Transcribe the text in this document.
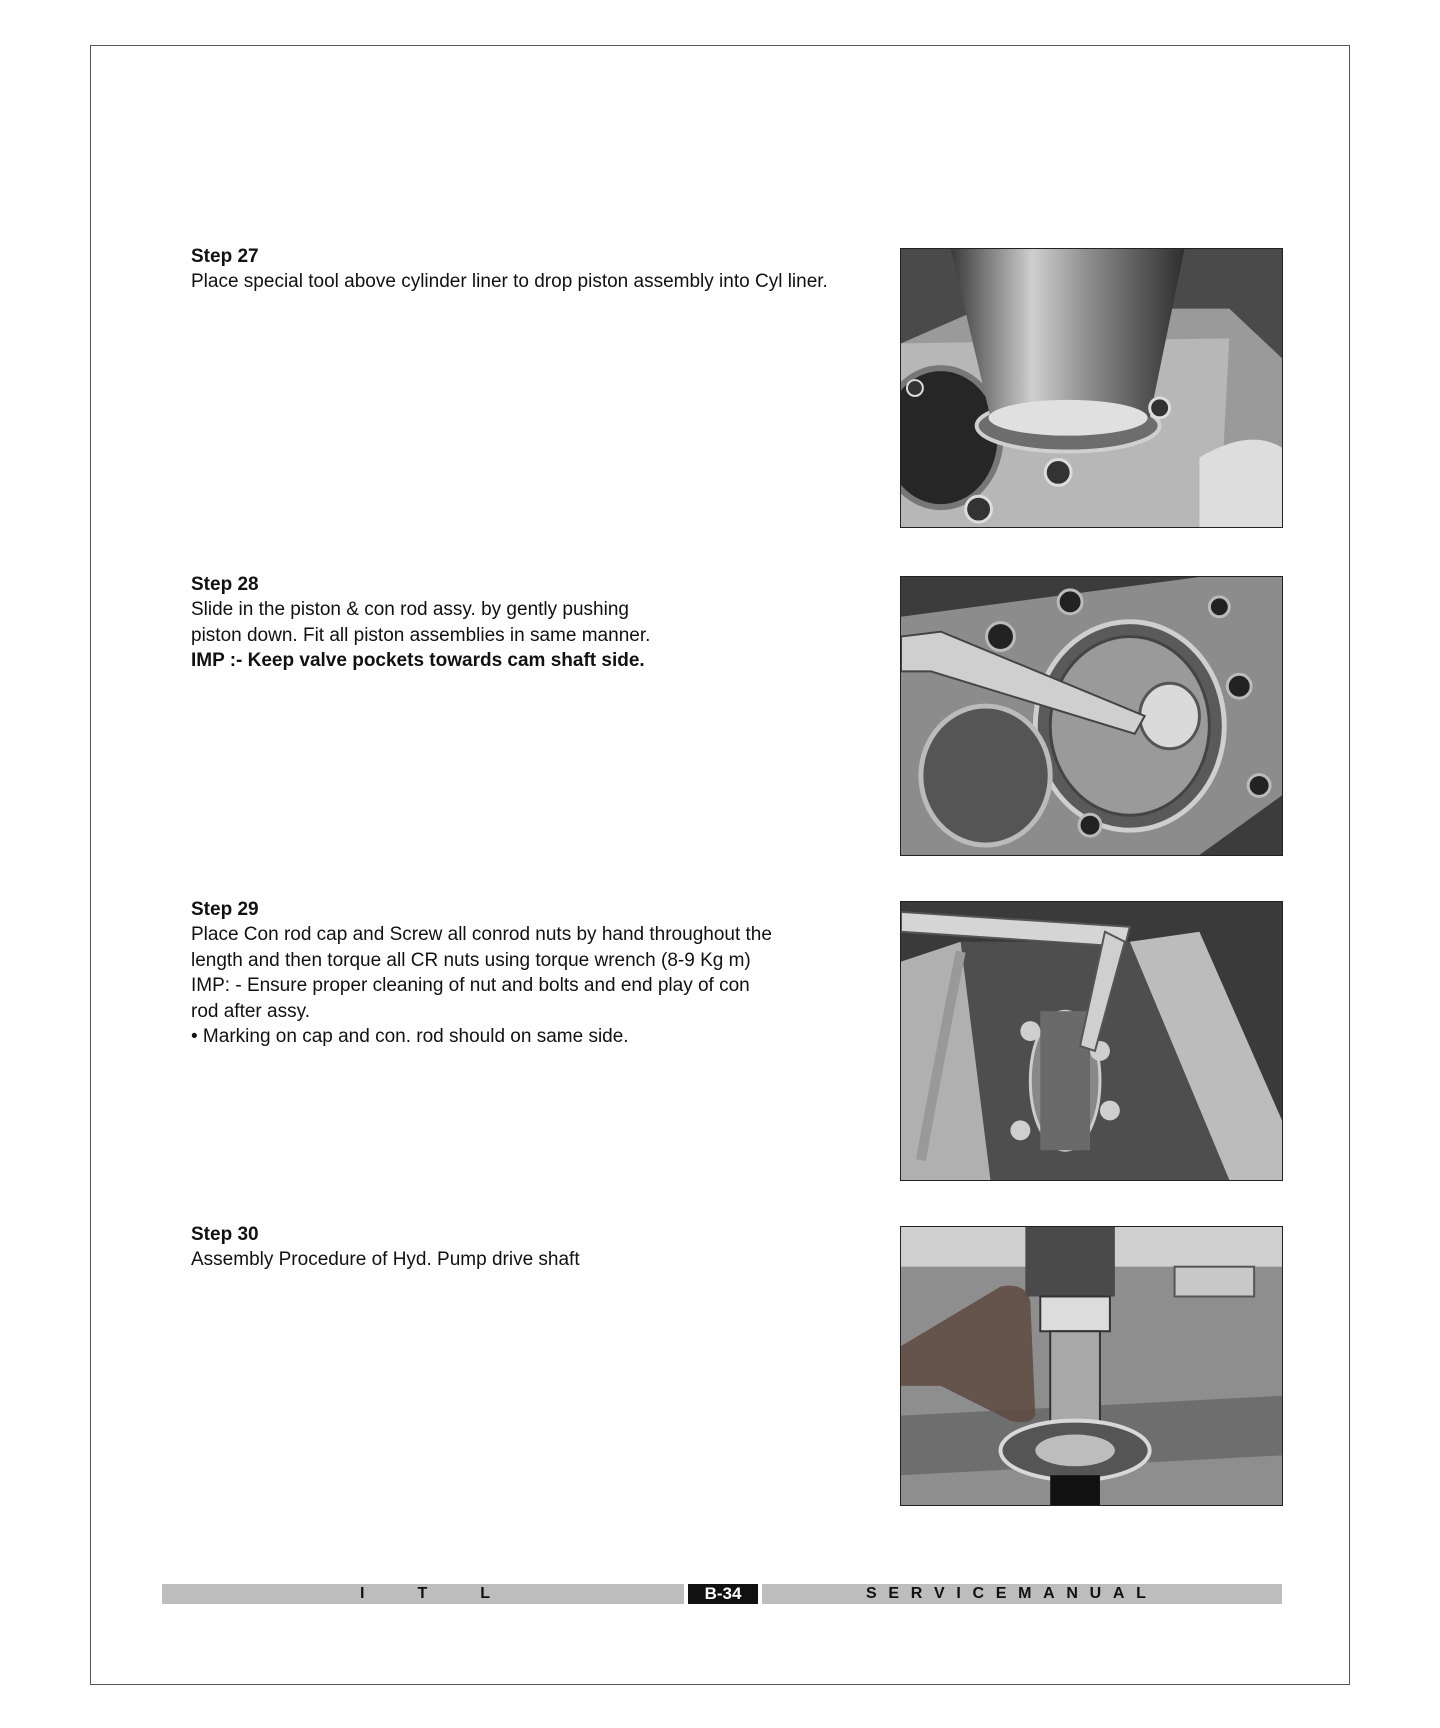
Step 27
Place special tool above cylinder liner to drop piston assembly into Cyl liner.
Step 28
Slide in the piston & con rod assy. by gently pushing
piston down. Fit all piston assemblies in same manner.
IMP :- Keep valve pockets towards cam shaft side.
Step 29
Place Con rod cap and Screw all conrod nuts by hand throughout the
length and then torque all CR nuts using torque wrench (8-9 Kg m)
IMP: - Ensure proper cleaning of nut and bolts and end play of con
rod after assy.
• Marking on cap and con. rod should on same side.
Step 30
Assembly Procedure of Hyd. Pump drive shaft
I	T	L	B-34	S E R V I C E M A N U A L
